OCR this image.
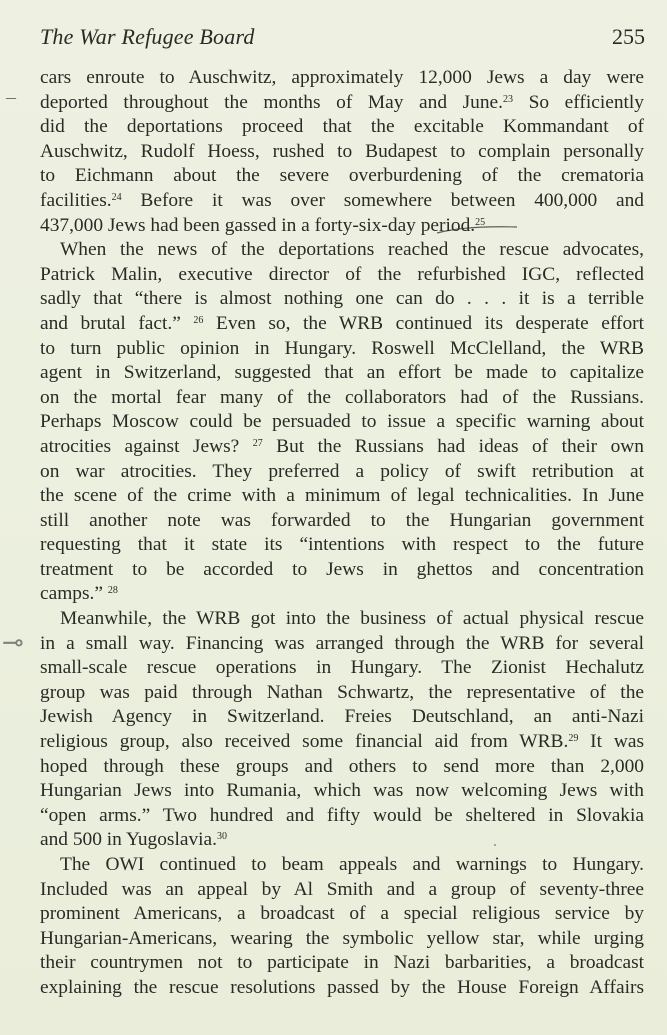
The War Refugee Board	255
–
⊸
cars enroute to Auschwitz, approximately 12,000 Jews a day were
deported throughout the months of May and June.$^{23}$ So efficiently
did the deportations proceed that the excitable Kommandant of
Auschwitz, Rudolf Hoess, rushed to Budapest to complain personally
to Eichmann about the severe overburdening of the crematoria
facilities.$^{24}$ Before it was over somewhere between 400,000 and
437,000 Jews had been gassed in a forty-six-day period.$^{25}$
When the news of the deportations reached the rescue advocates,
Patrick Malin, executive director of the refurbished IGC, reflected
sadly that “there is almost nothing one can do . . . it is a terrible
and brutal fact.” $^{26}$ Even so, the WRB continued its desperate effort
to turn public opinion in Hungary. Roswell McClelland, the WRB
agent in Switzerland, suggested that an effort be made to capitalize
on the mortal fear many of the collaborators had of the Russians.
Perhaps Moscow could be persuaded to issue a specific warning about
atrocities against Jews? $^{27}$ But the Russians had ideas of their own
on war atrocities. They preferred a policy of swift retribution at
the scene of the crime with a minimum of legal technicalities. In June
still another note was forwarded to the Hungarian government
requesting that it state its “intentions with respect to the future
treatment to be accorded to Jews in ghettos and concentration
camps.” $^{28}$
Meanwhile, the WRB got into the business of actual physical rescue
in a small way. Financing was arranged through the WRB for several
small-scale rescue operations in Hungary. The Zionist Hechalutz
group was paid through Nathan Schwartz, the representative of the
Jewish Agency in Switzerland. Freies Deutschland, an anti-Nazi
religious group, also received some financial aid from WRB.$^{29}$ It was
hoped through these groups and others to send more than 2,000
Hungarian Jews into Rumania, which was now welcoming Jews with
“open arms.” Two hundred and fifty would be sheltered in Slovakia
and 500 in Yugoslavia.$^{30}$
The OWI continued to beam appeals and warnings to Hungary.
Included was an appeal by Al Smith and a group of seventy-three
prominent Americans, a broadcast of a special religious service by
Hungarian-Americans, wearing the symbolic yellow star, while urging
their countrymen not to participate in Nazi barbarities, a broadcast
explaining the rescue resolutions passed by the House Foreign Affairs
